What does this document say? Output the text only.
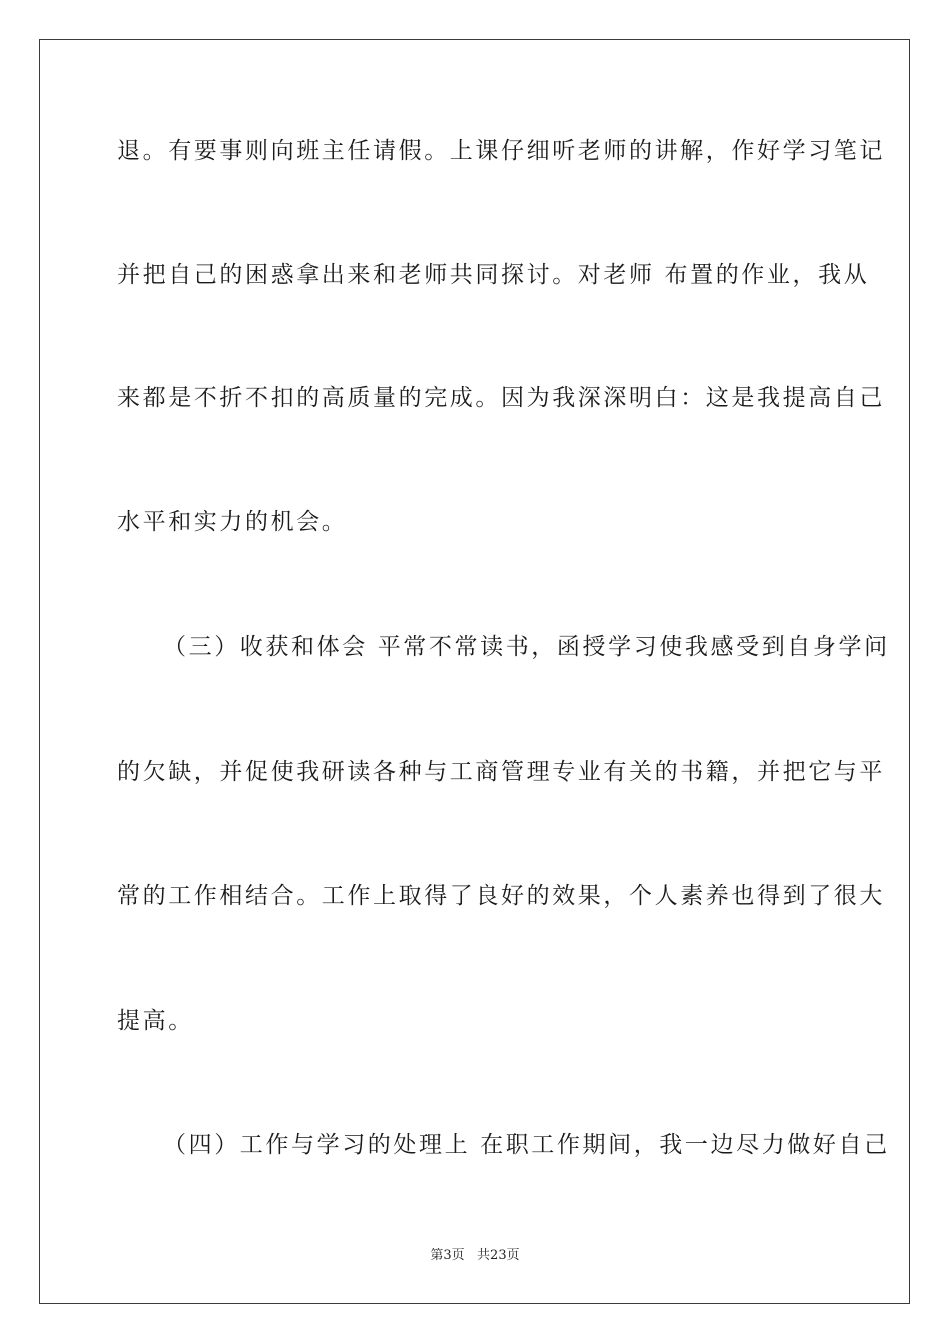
退。有要事则向班主任请假。上课仔细听老师的讲解，作好学习笔记
并把自己的困惑拿出来和老师共同探讨。对老师 布置的作业，我从
来都是不折不扣的高质量的完成。因为我深深明白：这是我提高自己
水平和实力的机会。
（三）收获和体会 平常不常读书，函授学习使我感受到自身学问
的欠缺，并促使我研读各种与工商管理专业有关的书籍，并把它与平
常的工作相结合。工作上取得了良好的效果，个人素养也得到了很大
提高。
（四）工作与学习的处理上 在职工作期间，我一边尽力做好自己
第3页   共23页
